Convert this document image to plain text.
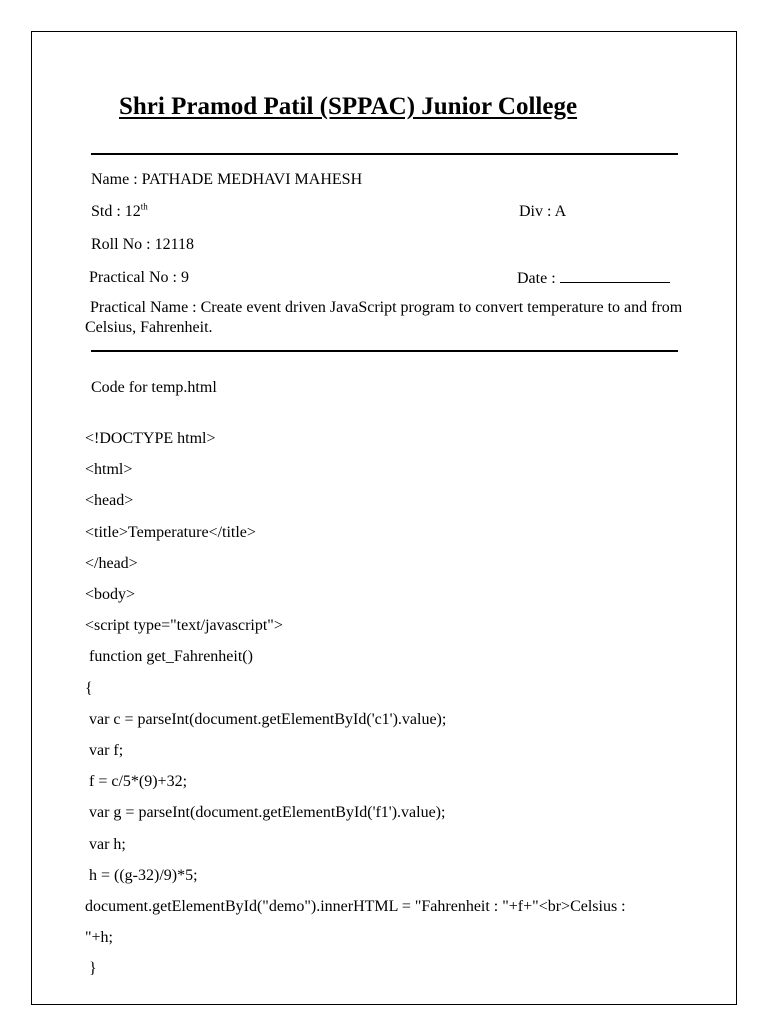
Shri Pramod Patil (SPPAC) Junior College
Name : PATHADE MEDHAVI MAHESH
Std : 12th	Div : A
Roll No : 12118
Practical No : 9	Date :
Practical Name : Create event driven JavaScript program to convert temperature to and from Celsius, Fahrenheit.
Code for temp.html
<!DOCTYPE html>
<html>
<head>
<title>Temperature</title>
</head>
<body>
<script type="text/javascript">
function get_Fahrenheit()
{
var c = parseInt(document.getElementById('c1').value);
var f;
f = c/5*(9)+32;
var g = parseInt(document.getElementById('f1').value);
var h;
h = ((g-32)/9)*5;
document.getElementById("demo").innerHTML = "Fahrenheit : "+f+"<br>Celsius :
"+h;
}
